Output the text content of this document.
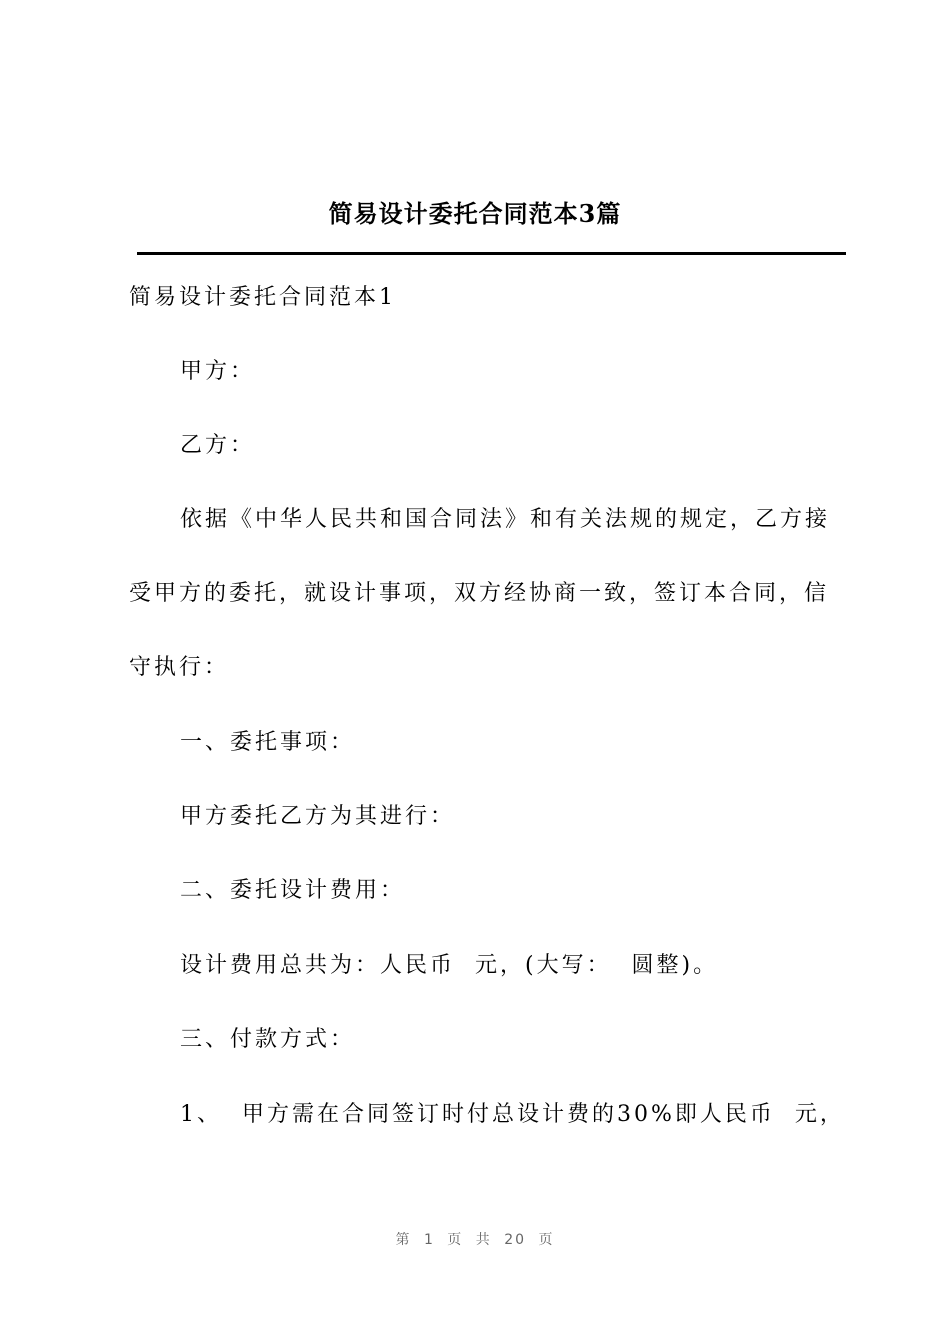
简易设计委托合同范本3篇
简易设计委托合同范本1
甲方：
乙方：
依据《中华人民共和国合同法》和有关法规的规定，乙方接
受甲方的委托，就设计事项，双方经协商一致，签订本合同，信
守执行：
一、委托事项：
甲方委托乙方为其进行：
二、委托设计费用：
设计费用总共为：人民币  元，(大写：  圆整)。
三、付款方式：
1、  甲方需在合同签订时付总设计费的30%即人民币  元，
第 1 页 共 20 页
